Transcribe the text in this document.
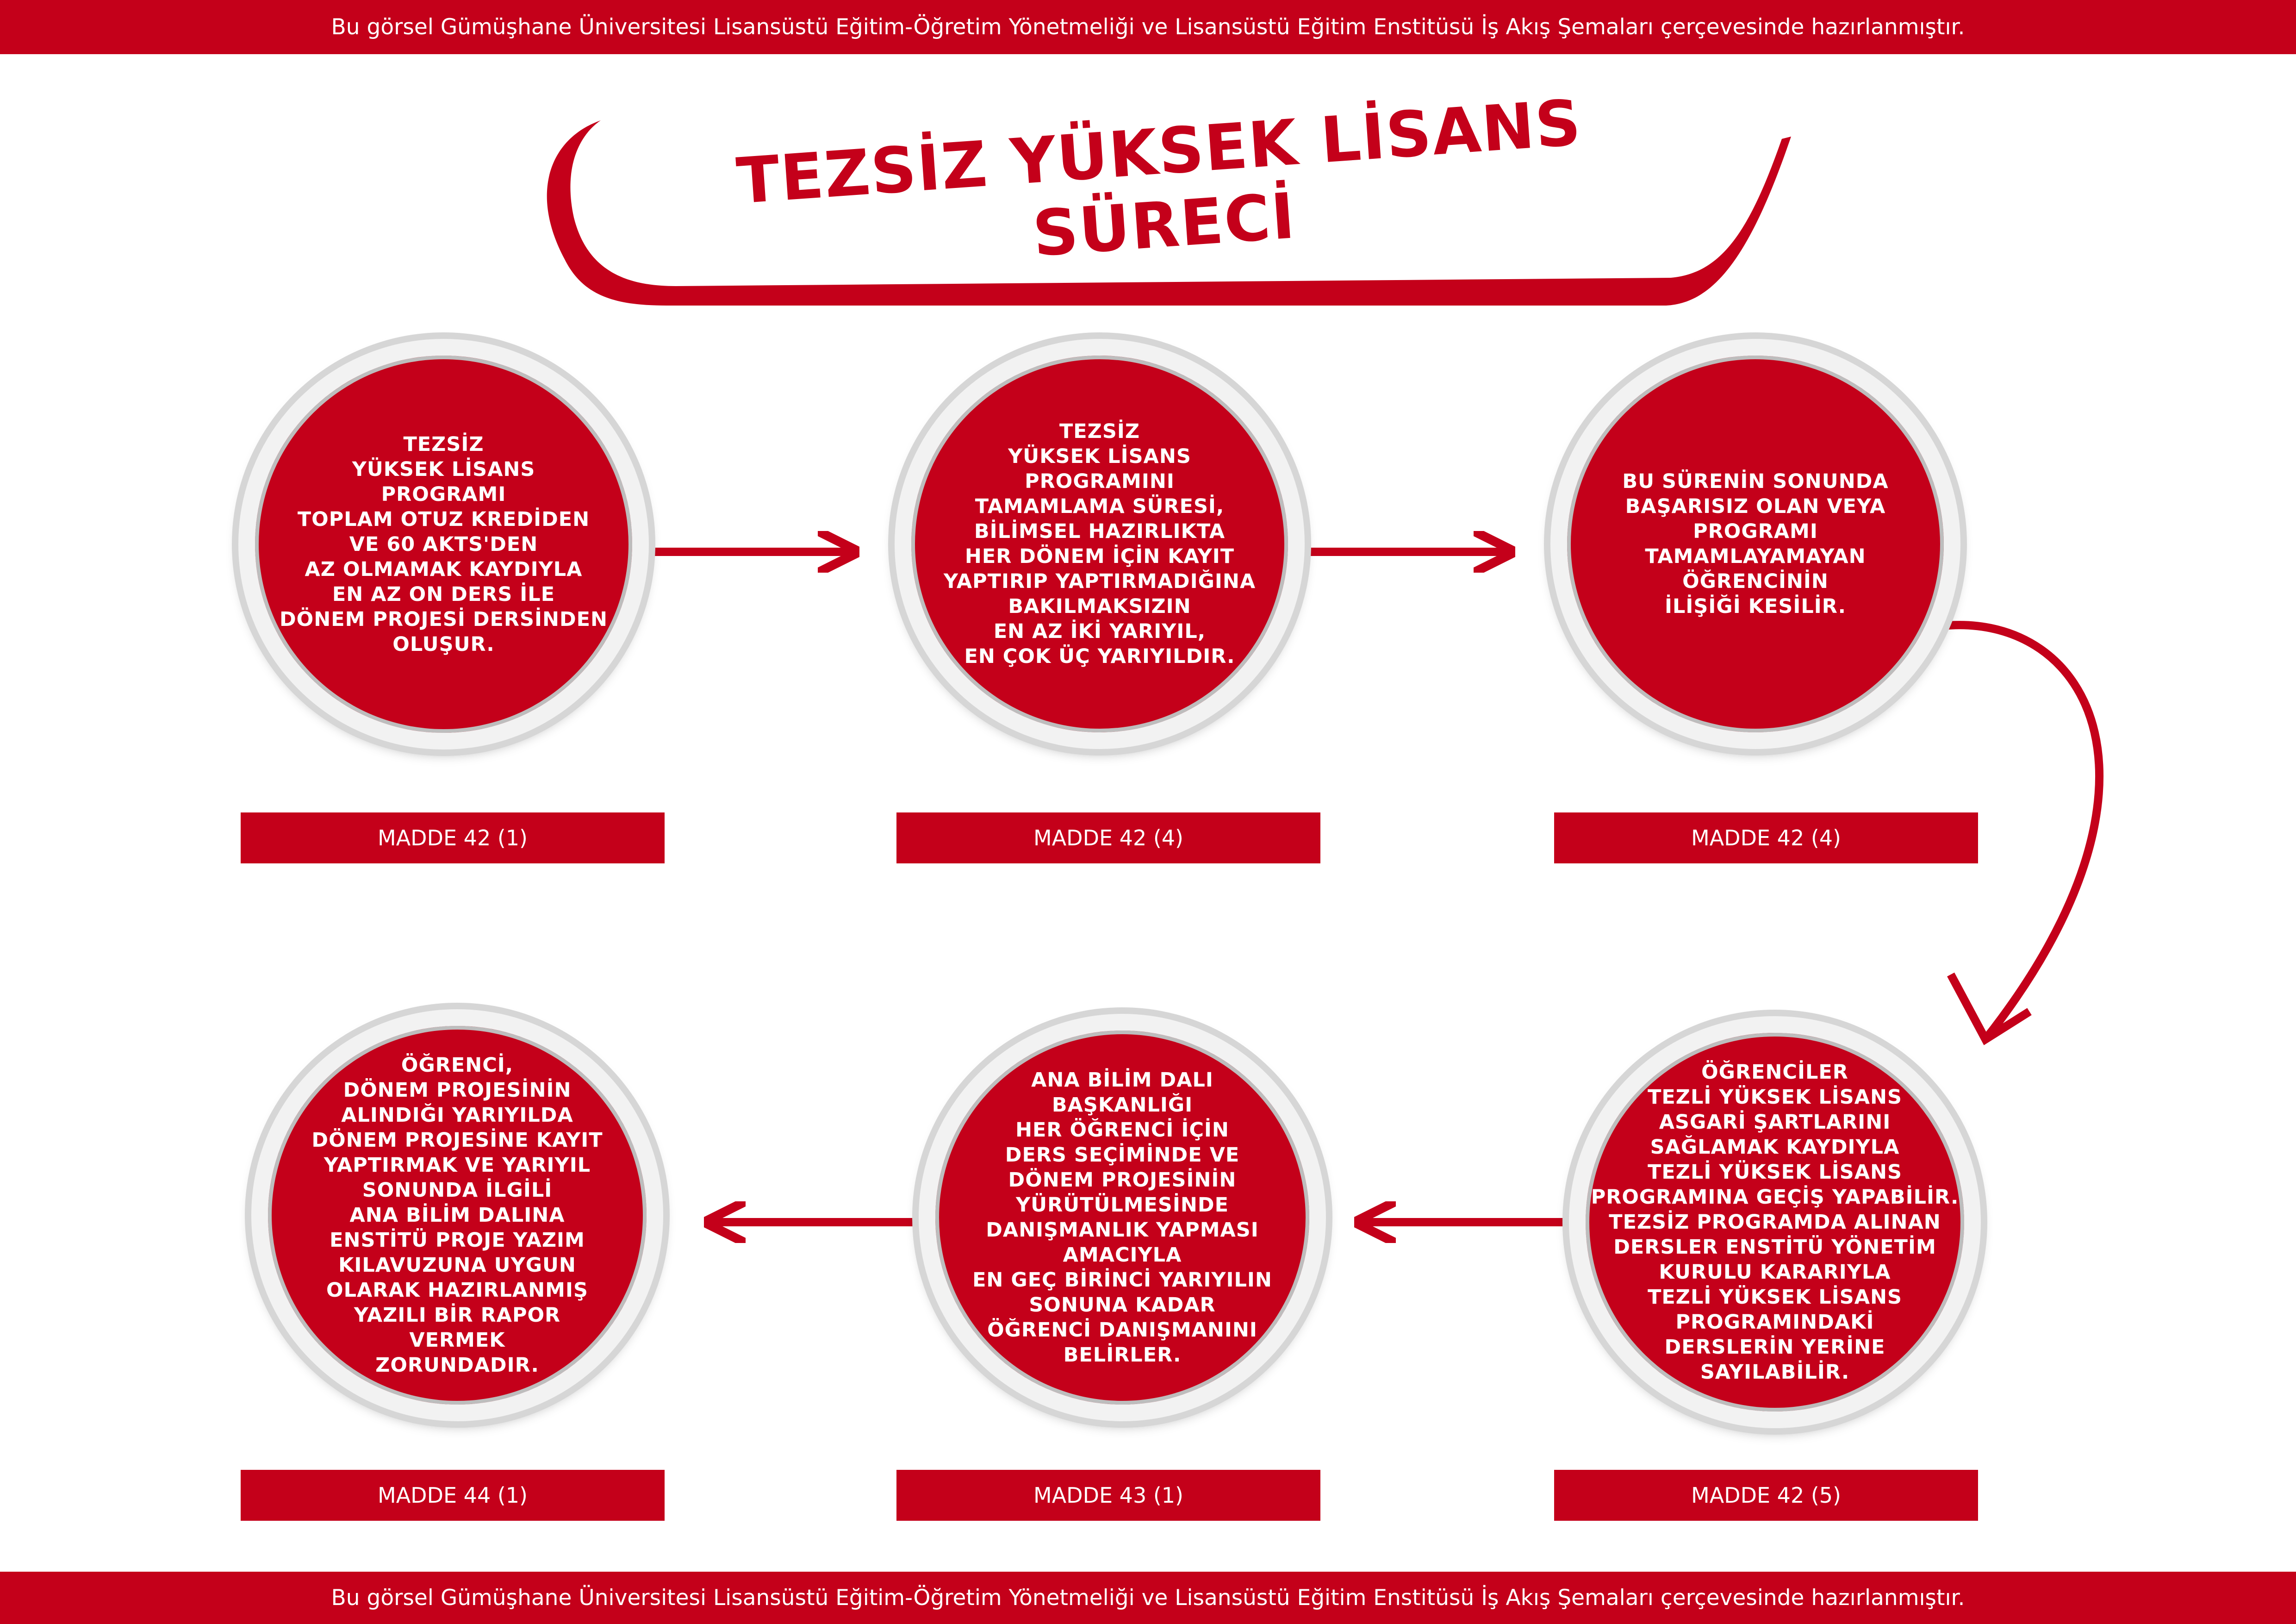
Bu görsel Gümüşhane Üniversitesi Lisansüstü Eğitim-Öğretim Yönetmeliği ve Lisansüstü Eğitim Enstitüsü İş Akış Şemaları çerçevesinde hazırlanmıştır.
TEZSİZ YÜKSEK LİSANS
SÜRECİ
TEZSİZ
YÜKSEK LİSANS
PROGRAMI
TOPLAM OTUZ KREDİDEN
VE 60 AKTS'DEN
AZ OLMAMAK KAYDIYLA
EN AZ ON DERS İLE
DÖNEM PROJESİ DERSİNDEN
OLUŞUR.
MADDE 42 (1)
TEZSİZ
YÜKSEK LİSANS
PROGRAMINI
TAMAMLAMA SÜRESİ,
BİLİMSEL HAZIRLIKTA
HER DÖNEM İÇİN KAYIT
YAPTIRIP YAPTIRMADIĞINA
BAKILMAKSIZIN
EN AZ İKİ YARIYIL,
EN ÇOK ÜÇ YARIYILDIR.
MADDE 42 (4)
BU SÜRENİN SONUNDA
BAŞARISIZ OLAN VEYA
PROGRAMI
TAMAMLAYAMAYAN
ÖĞRENCİNİN
İLİŞİĞİ KESİLİR.
MADDE 42 (4)
ÖĞRENCİLER
TEZLİ YÜKSEK LİSANS
ASGARİ ŞARTLARINI
SAĞLAMAK KAYDIYLA
TEZLİ YÜKSEK LİSANS
PROGRAMINA GEÇİŞ YAPABİLİR.
TEZSİZ PROGRAMDA ALINAN
DERSLER ENSTİTÜ YÖNETİM
KURULU KARARIYLA
TEZLİ YÜKSEK LİSANS
PROGRAMINDAKİ
DERSLERİN YERİNE
SAYILABİLİR.
MADDE 42 (5)
ANA BİLİM DALI
BAŞKANLIĞI
HER ÖĞRENCİ İÇİN
DERS SEÇİMİNDE VE
DÖNEM PROJESİNİN
YÜRÜTÜLMESİNDE
DANIŞMANLIK YAPMASI
AMACIYLA
EN GEÇ BİRİNCİ YARIYILIN
SONUNA KADAR
ÖĞRENCİ DANIŞMANINI
BELİRLER.
MADDE 43 (1)
ÖĞRENCİ,
DÖNEM PROJESİNİN
ALINDIĞI YARIYILDA
DÖNEM PROJESİNE KAYIT
YAPTIRMAK VE YARIYIL
SONUNDA İLGİLİ
ANA BİLİM DALINA
ENSTİTÜ PROJE YAZIM
KILAVUZUNA UYGUN
OLARAK HAZIRLANMIŞ
YAZILI BİR RAPOR
VERMEK
ZORUNDADIR.
MADDE 44 (1)
Bu görsel Gümüşhane Üniversitesi Lisansüstü Eğitim-Öğretim Yönetmeliği ve Lisansüstü Eğitim Enstitüsü İş Akış Şemaları çerçevesinde hazırlanmıştır.
